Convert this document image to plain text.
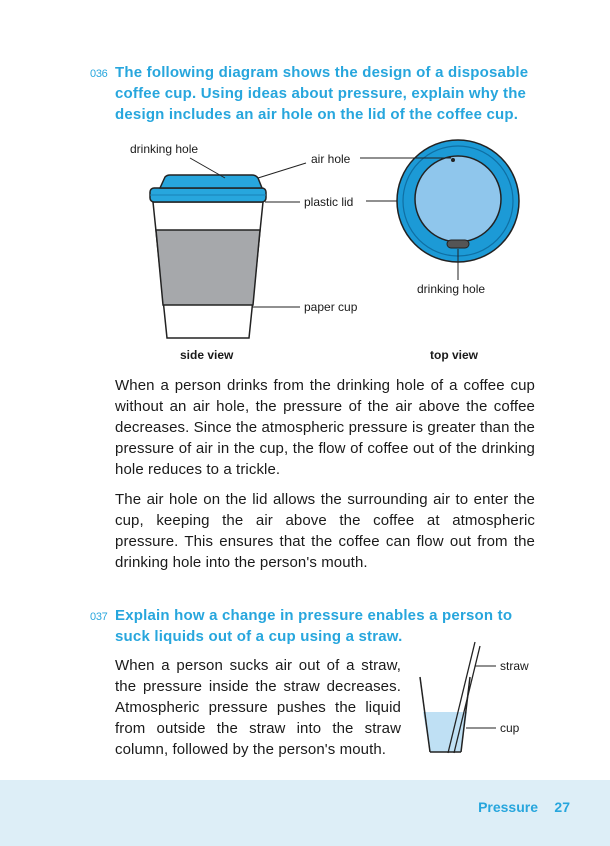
036 The following diagram shows the design of a disposable coffee cup. Using ideas about pressure, explain why the design includes an air hole on the lid of the coffee cup.
drinking hole
air hole
plastic lid
paper cup
drinking hole
side view	top view
When a person drinks from the drinking hole of a coffee cup without an air hole, the pressure of the air above the coffee decreases. Since the atmospheric pressure is greater than the pressure of air in the cup, the flow of coffee out of the drinking hole reduces to a trickle.
The air hole on the lid allows the surrounding air to enter the cup, keeping the air above the coffee at atmospheric pressure. This ensures that the coffee can flow out from the drinking hole into the person's mouth.
037 Explain how a change in pressure enables a person to suck liquids out of a cup using a straw.
When a person sucks air out of a straw, the pressure inside the straw decreases. Atmospheric pressure pushes the liquid from outside the straw into the straw column, followed by the person's mouth.
straw
cup
Pressure 27
